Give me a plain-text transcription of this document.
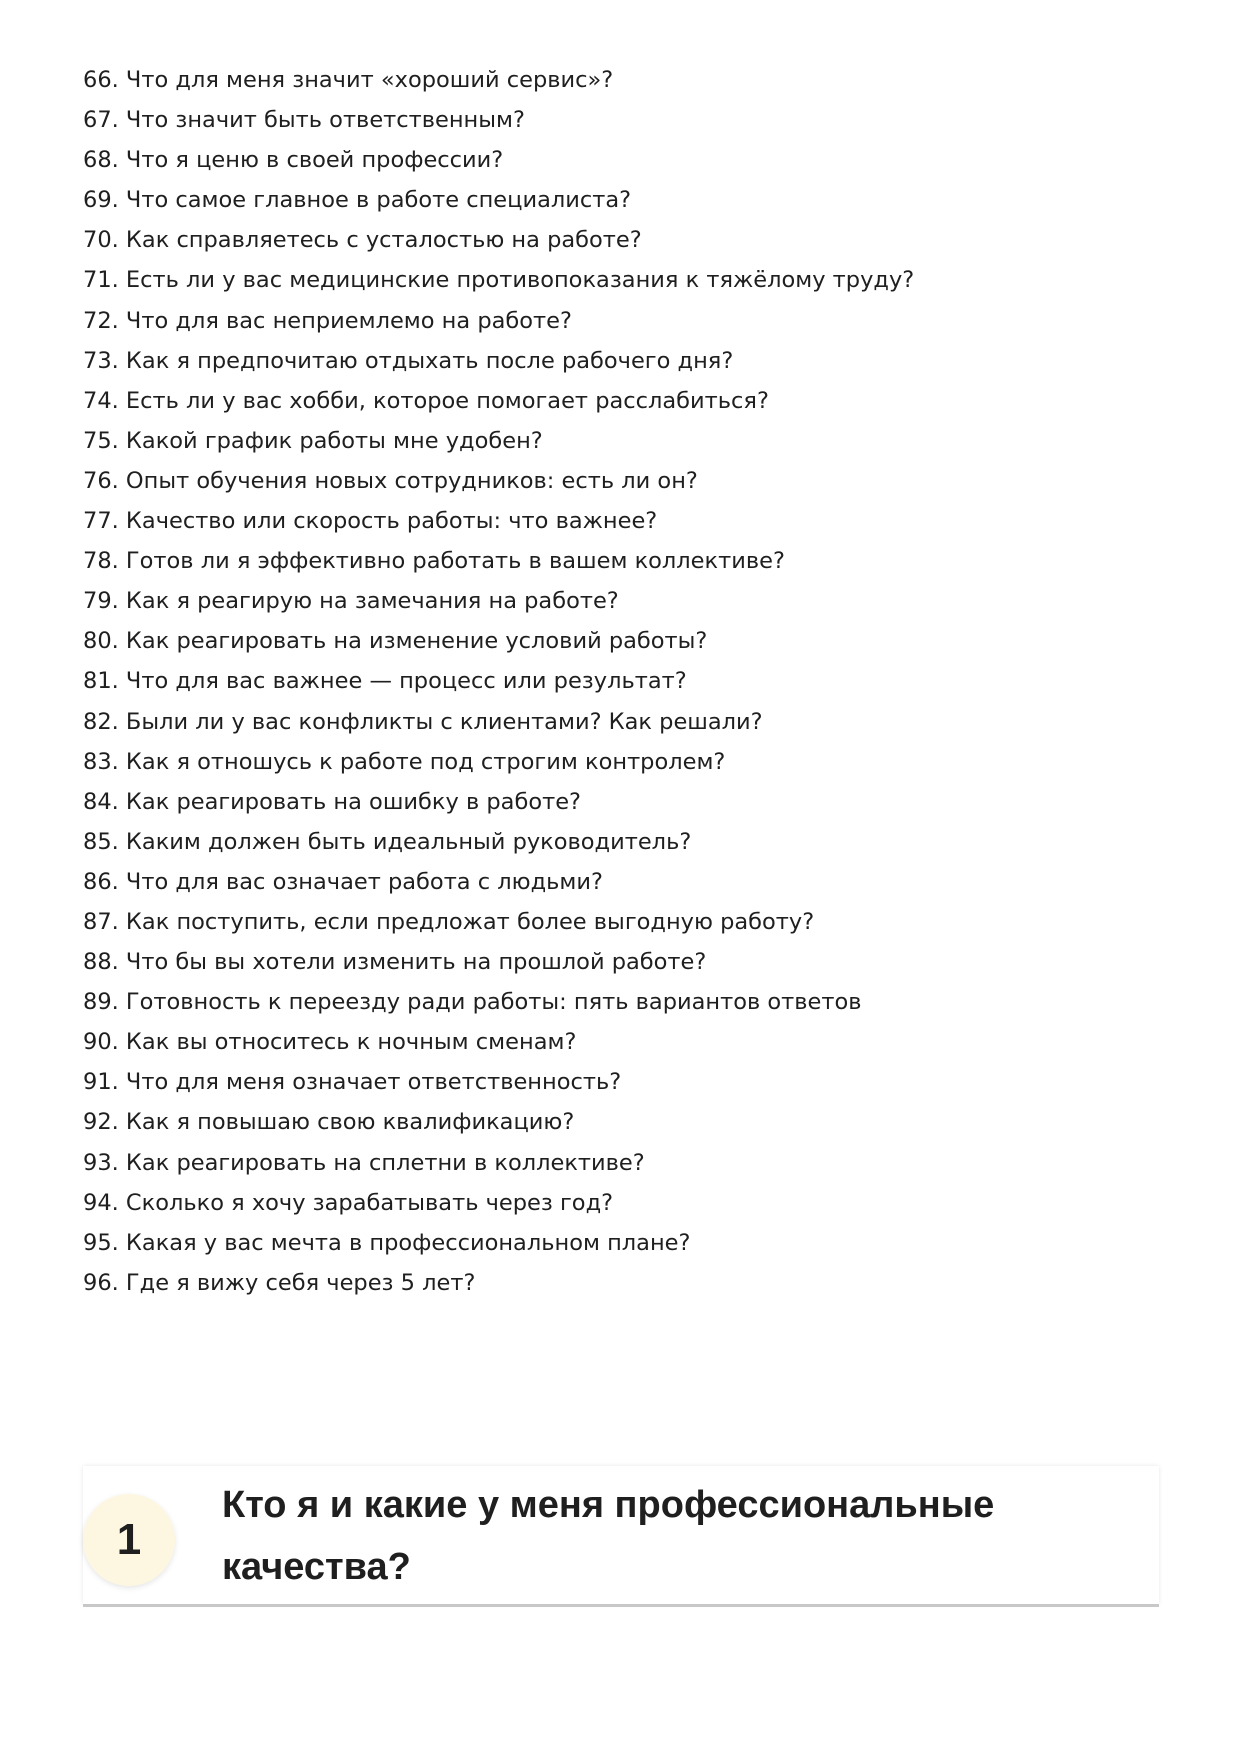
66. Что для меня значит «хороший сервис»?
67. Что значит быть ответственным?
68. Что я ценю в своей профессии?
69. Что самое главное в работе специалиста?
70. Как справляетесь с усталостью на работе?
71. Есть ли у вас медицинские противопоказания к тяжёлому труду?
72. Что для вас неприемлемо на работе?
73. Как я предпочитаю отдыхать после рабочего дня?
74. Есть ли у вас хобби, которое помогает расслабиться?
75. Какой график работы мне удобен?
76. Опыт обучения новых сотрудников: есть ли он?
77. Качество или скорость работы: что важнее?
78. Готов ли я эффективно работать в вашем коллективе?
79. Как я реагирую на замечания на работе?
80. Как реагировать на изменение условий работы?
81. Что для вас важнее — процесс или результат?
82. Были ли у вас конфликты с клиентами? Как решали?
83. Как я отношусь к работе под строгим контролем?
84. Как реагировать на ошибку в работе?
85. Каким должен быть идеальный руководитель?
86. Что для вас означает работа с людьми?
87. Как поступить, если предложат более выгодную работу?
88. Что бы вы хотели изменить на прошлой работе?
89. Готовность к переезду ради работы: пять вариантов ответов
90. Как вы относитесь к ночным сменам?
91. Что для меня означает ответственность?
92. Как я повышаю свою квалификацию?
93. Как реагировать на сплетни в коллективе?
94. Сколько я хочу зарабатывать через год?
95. Какая у вас мечта в профессиональном плане?
96. Где я вижу себя через 5 лет?
1
Кто я и какие у меня профессиональные качества?
